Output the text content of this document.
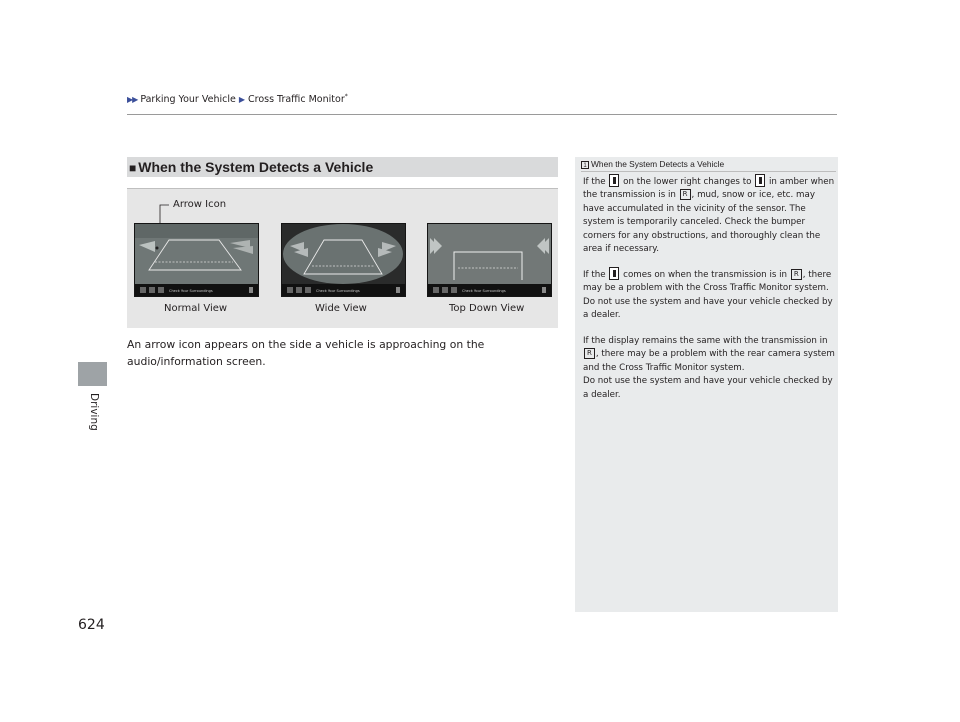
▶▶ Parking Your Vehicle ▶ Cross Traffic Monitor*
Driving
624
■ When the System Detects a Vehicle
Arrow Icon
Check Your Surroundings	Check Your Surroundings	Check Your Surroundings
Normal View	Wide View	Top Down View
An arrow icon appears on the side a vehicle is approaching on the audio/information screen.
1 When the System Detects a Vehicle

If the on the lower right changes to in amber when the transmission is in R , mud, snow or ice, etc. may have accumulated in the vicinity of the sensor. The system is temporarily canceled. Check the bumper corners for any obstructions, and thoroughly clean the area if necessary.

If the comes on when the transmission is in R , there may be a problem with the Cross Traffic Monitor system. Do not use the system and have your vehicle checked by a dealer.

If the display remains the same with the transmission in R , there may be a problem with the rear camera system and the Cross Traffic Monitor system.
Do not use the system and have your vehicle checked by a dealer.
